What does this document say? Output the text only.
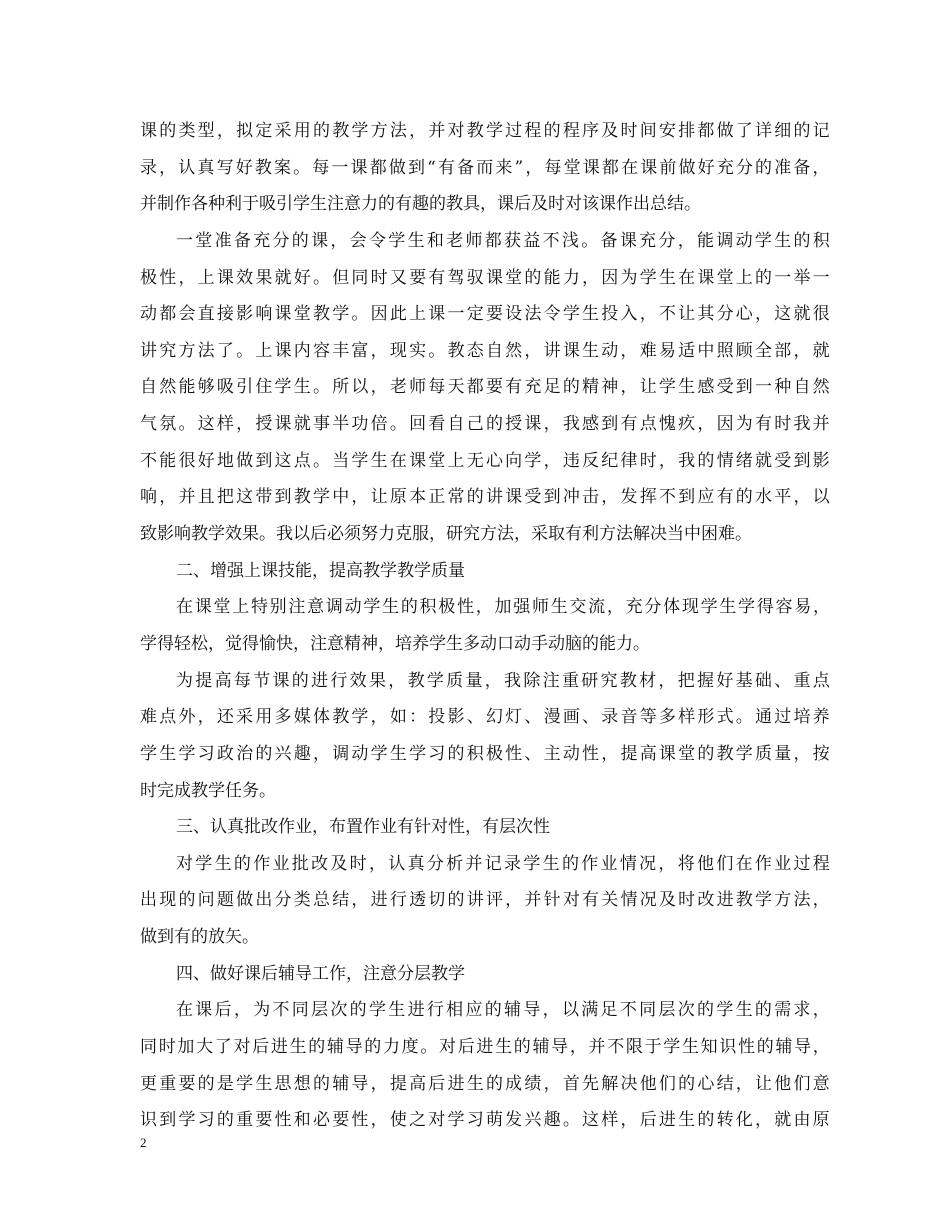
课 的 类 型 ， 拟 定 采 用 的 教 学 方 法 ， 并 对 教 学 过 程 的 程 序 及 时 间 安 排 都 做 了 详 细 的 记
录 ， 认 真 写 好 教 案 。 每 一 课 都 做 到 “ 有 备 而 来 ” ， 每 堂 课 都 在 课 前 做 好 充 分 的 准 备 ，
并制作各种利于吸引学生注意力的有趣的教具，课后及时对该课作出总结。
一 堂 准 备 充 分 的 课 ， 会 令 学 生 和 老 师 都 获 益 不 浅 。 备 课 充 分 ， 能 调 动 学 生 的 积
极 性 ， 上 课 效 果 就 好 。 但 同 时 又 要 有 驾 驭 课 堂 的 能 力 ， 因 为 学 生 在 课 堂 上 的 一 举 一
动 都 会 直 接 影 响 课 堂 教 学 。 因 此 上 课 一 定 要 设 法 令 学 生 投 入 ， 不 让 其 分 心 ， 这 就 很
讲 究 方 法 了 。 上 课 内 容 丰 富 ， 现 实 。 教 态 自 然 ， 讲 课 生 动 ， 难 易 适 中 照 顾 全 部 ， 就
自 然 能 够 吸 引 住 学 生 。 所 以 ， 老 师 每 天 都 要 有 充 足 的 精 神 ， 让 学 生 感 受 到 一 种 自 然
气 氛 。 这 样 ， 授 课 就 事 半 功 倍 。 回 看 自 己 的 授 课 ， 我 感 到 有 点 愧 疚 ， 因 为 有 时 我 并
不 能 很 好 地 做 到 这 点 。 当 学 生 在 课 堂 上 无 心 向 学 ， 违 反 纪 律 时 ， 我 的 情 绪 就 受 到 影
响 ， 并 且 把 这 带 到 教 学 中 ， 让 原 本 正 常 的 讲 课 受 到 冲 击 ， 发 挥 不 到 应 有 的 水 平 ， 以
致影响教学效果。我以后必须努力克服，研究方法，采取有利方法解决当中困难。
二、增强上课技能，提高教学教学质量
在 课 堂 上 特 别 注 意 调 动 学 生 的 积 极 性 ， 加 强 师 生 交 流 ， 充 分 体 现 学 生 学 得 容 易 ，
学得轻松，觉得愉快，注意精神，培养学生多动口动手动脑的能力。
为 提 高 每 节 课 的 进 行 效 果 ， 教 学 质 量 ， 我 除 注 重 研 究 教 材 ， 把 握 好 基 础 、 重 点
难 点 外 ， 还 采 用 多 媒 体 教 学 ， 如 ： 投 影 、 幻 灯 、 漫 画 、 录 音 等 多 样 形 式 。 通 过 培 养
学 生 学 习 政 治 的 兴 趣 ， 调 动 学 生 学 习 的 积 极 性 、 主 动 性 ， 提 高 课 堂 的 教 学 质 量 ， 按
时完成教学任务。
三、认真批改作业，布置作业有针对性，有层次性
对 学 生 的 作 业 批 改 及 时 ， 认 真 分 析 并 记 录 学 生 的 作 业 情 况 ， 将 他 们 在 作 业 过 程
出 现 的 问 题 做 出 分 类 总 结 ， 进 行 透 切 的 讲 评 ， 并 针 对 有 关 情 况 及 时 改 进 教 学 方 法 ，
做到有的放矢。
四、做好课后辅导工作，注意分层教学
在 课 后 ， 为 不 同 层 次 的 学 生 进 行 相 应 的 辅 导 ， 以 满 足 不 同 层 次 的 学 生 的 需 求 ，
同 时 加 大 了 对 后 进 生 的 辅 导 的 力 度 。 对 后 进 生 的 辅 导 ， 并 不 限 于 学 生 知 识 性 的 辅 导 ，
更 重 要 的 是 学 生 思 想 的 辅 导 ， 提 高 后 进 生 的 成 绩 ， 首 先 解 决 他 们 的 心 结 ， 让 他 们 意
识 到 学 习 的 重 要 性 和 必 要 性 ， 使 之 对 学 习 萌 发 兴 趣 。 这 样 ， 后 进 生 的 转 化 ， 就 由 原
2
